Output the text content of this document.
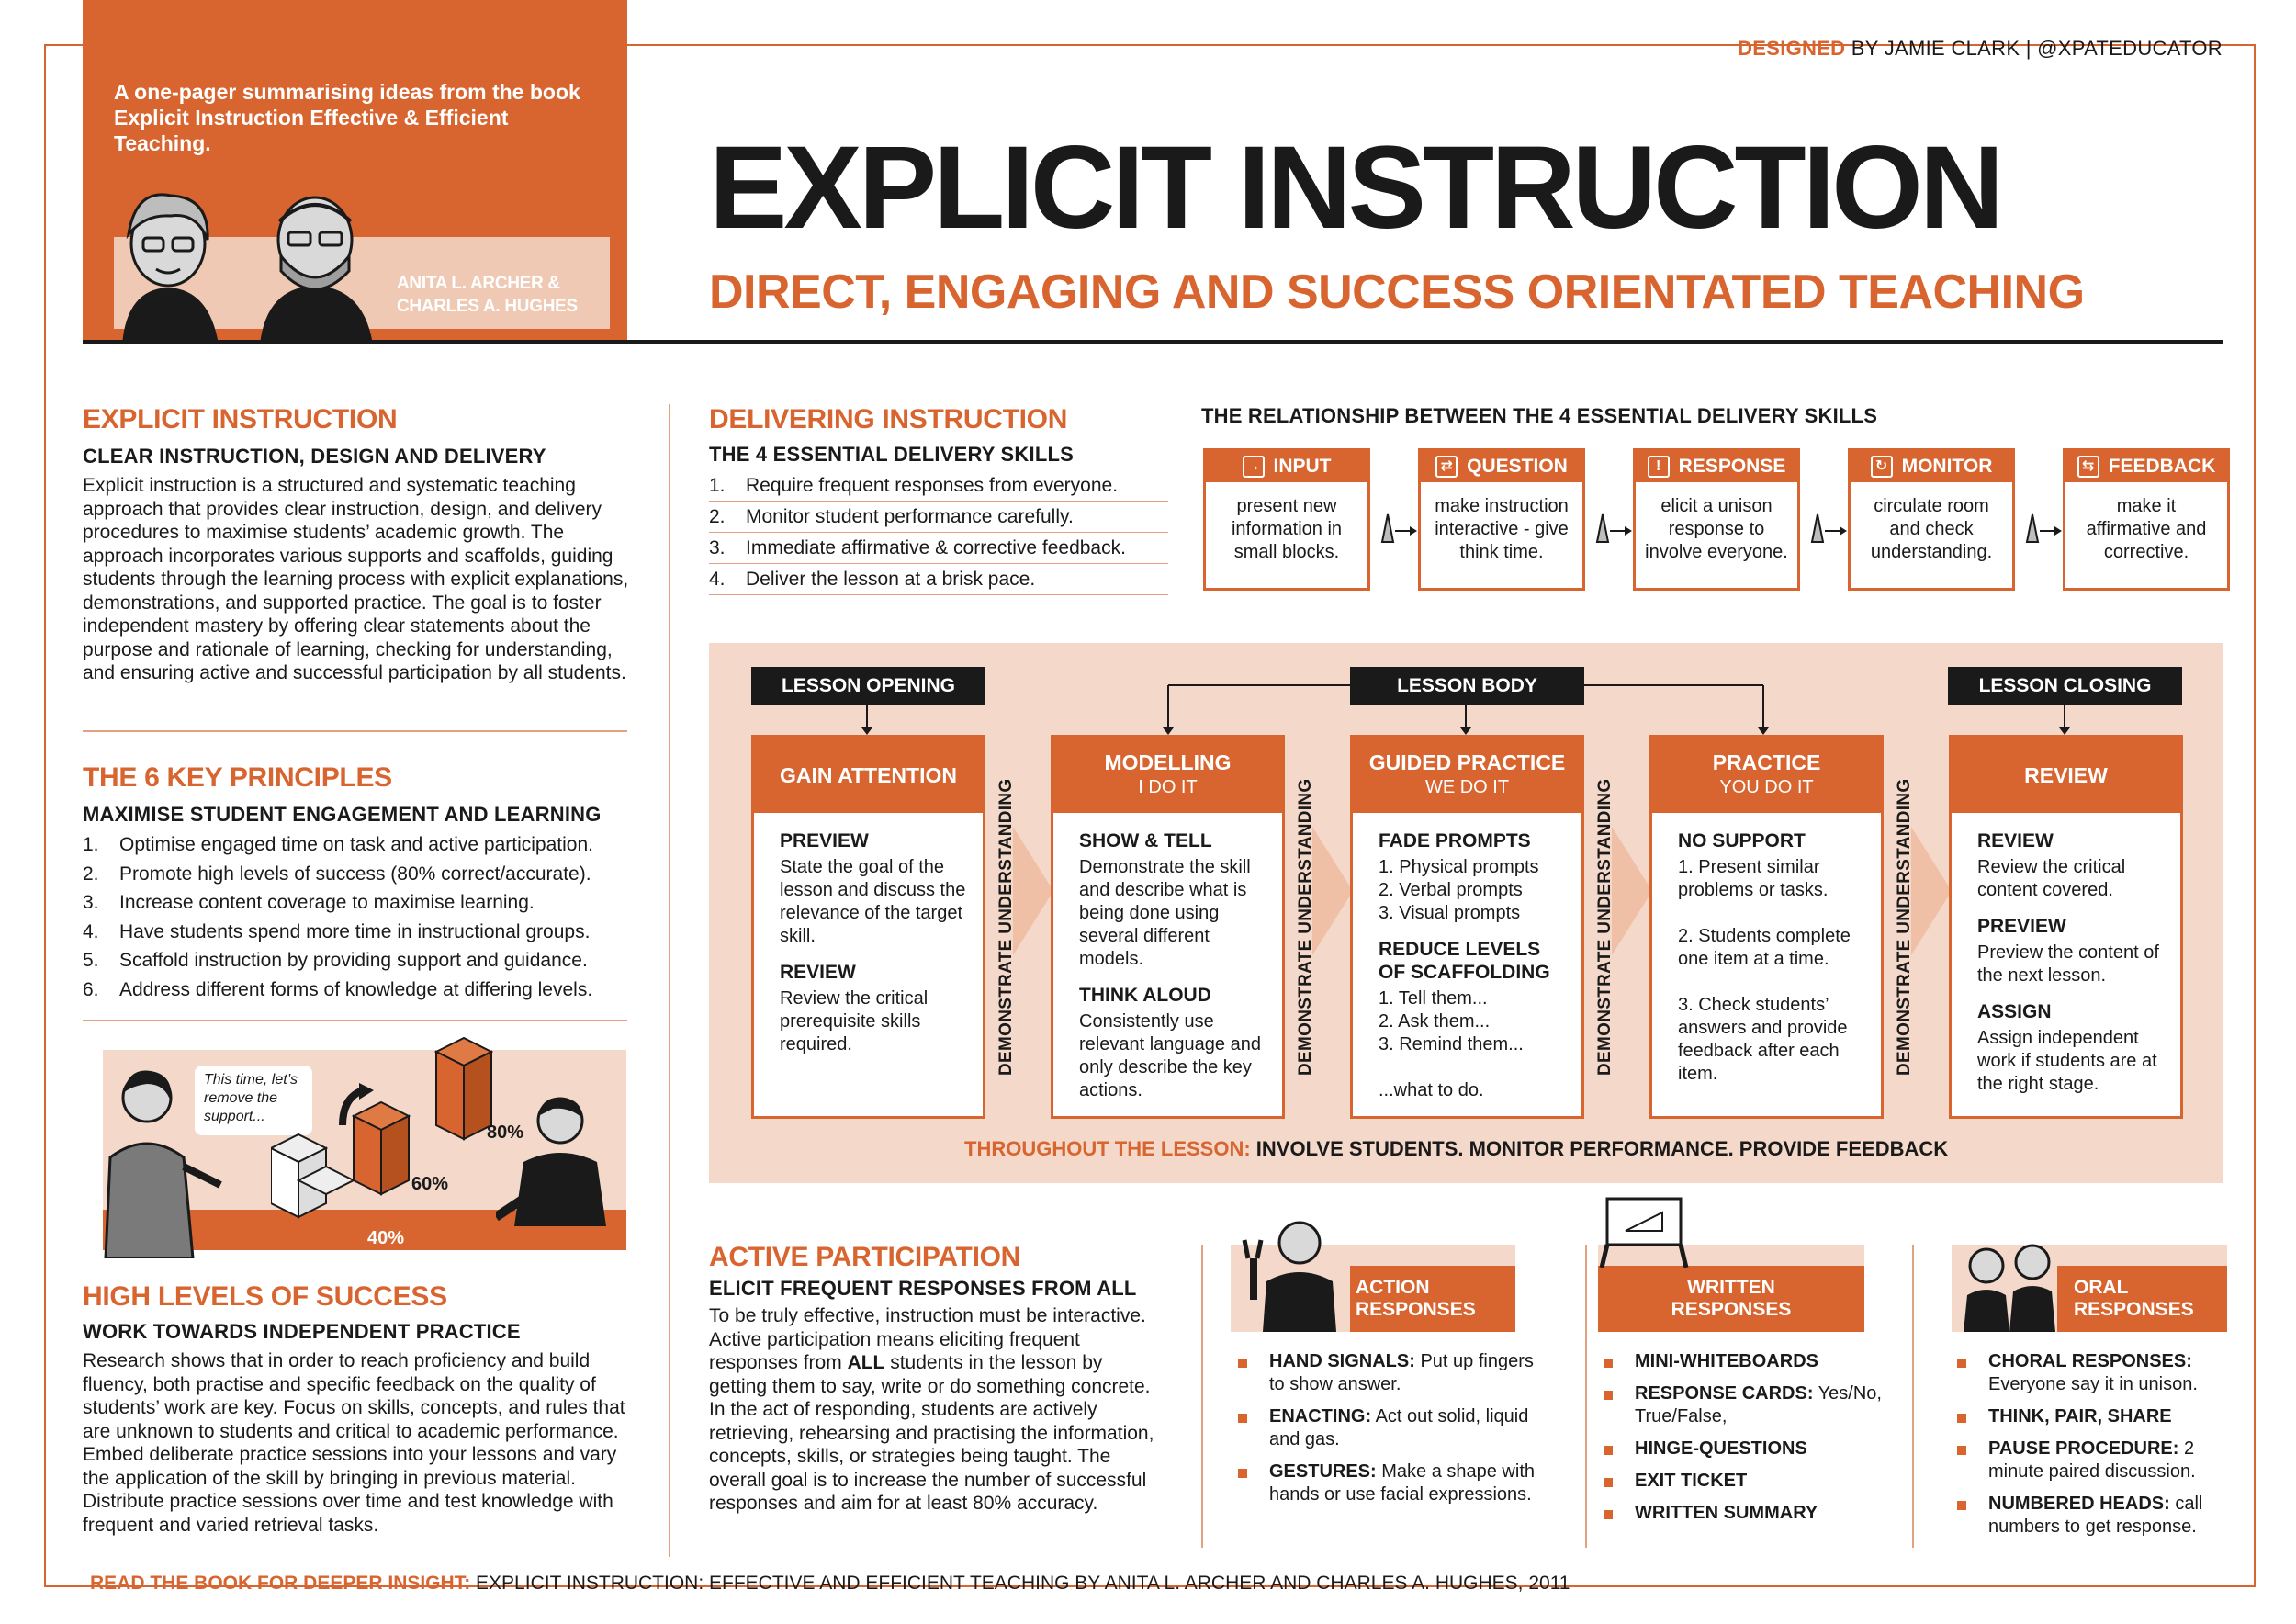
A one-pager summarising ideas from the book Explicit Instruction Effective & Efficient Teaching.
ANITA L. ARCHER &
CHARLES A. HUGHES
DESIGNED BY JAMIE CLARK | @XPATEDUCATOR
EXPLICIT INSTRUCTION
DIRECT, ENGAGING AND SUCCESS ORIENTATED TEACHING
EXPLICIT INSTRUCTION
CLEAR INSTRUCTION, DESIGN AND DELIVERY
Explicit instruction is a structured and systematic teaching approach that provides clear instruction, design, and delivery procedures to maximise students’ academic growth. The approach incorporates various supports and scaffolds, guiding students through the learning process with explicit explanations, demonstrations, and supported practice. The goal is to foster independent mastery by offering clear statements about the purpose and rationale of learning, checking for understanding, and ensuring active and successful participation by all students.
THE 6 KEY PRINCIPLES
MAXIMISE STUDENT ENGAGEMENT AND LEARNING
1.	Optimise engaged time on task and active participation.
2.	Promote high levels of success (80% correct/accurate).
3.	Increase content coverage to maximise learning.
4.	Have students spend more time in instructional groups.
5.	Scaffold instruction by providing support and guidance.
6.	Address different forms of knowledge at differing levels.
This time, let’s remove the support...
40%
60%
80%
HIGH LEVELS OF SUCCESS
WORK TOWARDS INDEPENDENT PRACTICE
Research shows that in order to reach proficiency and build fluency, both practise and specific feedback on the quality of students’ work are key. Focus on skills, concepts, and rules that are unknown to students and critical to academic performance. Embed deliberate practice sessions into your lessons and vary the application of the skill by bringing in previous material. Distribute practice sessions over time and test knowledge with frequent and varied retrieval tasks.
DELIVERING INSTRUCTION
THE 4 ESSENTIAL DELIVERY SKILLS
1.	Require frequent responses from everyone.
2.	Monitor student performance carefully.
3.	Immediate affirmative & corrective feedback.
4.	Deliver the lesson at a brisk pace.
THE RELATIONSHIP BETWEEN THE 4 ESSENTIAL DELIVERY SKILLS
→ INPUT
present new information in small blocks.
⇄ QUESTION
make instruction interactive - give think time.
! RESPONSE
elicit a unison response to involve everyone.
↻ MONITOR
circulate room and check understanding.
⇆ FEEDBACK
make it affirmative and corrective.
LESSON OPENING	LESSON BODY	LESSON CLOSING
GAIN ATTENTION
PREVIEW
State the goal of the lesson and discuss the relevance of the target skill.
REVIEW
Review the critical prerequisite skills required.	DEMONSTRATE UNDERSTANDING
MODELLING
I DO IT
SHOW & TELL
Demonstrate the skill and describe what is being done using several different models.
THINK ALOUD
Consistently use relevant language and only describe the key actions.
DEMONSTRATE UNDERSTANDING
GUIDED PRACTICE
WE DO IT
FADE PROMPTS
1. Physical prompts
2. Verbal prompts
3. Visual prompts
REDUCE LEVELS OF SCAFFOLDING
1. Tell them...
2. Ask them...
3. Remind them...

...what to do.
DEMONSTRATE UNDERSTANDING
PRACTICE
YOU DO IT
NO SUPPORT
1. Present similar problems or tasks.

2. Students complete one item at a time.

3. Check students’ answers and provide feedback after each item.	DEMONSTRATE UNDERSTANDING
REVIEW
REVIEW
Review the critical content covered.
PREVIEW
Preview the content of the next lesson.
ASSIGN
Assign independent work if students are at the right stage.
THROUGHOUT THE LESSON: INVOLVE STUDENTS. MONITOR PERFORMANCE. PROVIDE FEEDBACK
ACTIVE PARTICIPATION
ELICIT FREQUENT RESPONSES FROM ALL
To be truly effective, instruction must be interactive. Active participation means eliciting frequent responses from ALL students in the lesson by getting them to say, write or do something concrete. In the act of responding, students are actively retrieving, rehearsing and practising the information, concepts, skills, or strategies being taught. The overall goal is to increase the number of successful responses and aim for at least 80% accuracy.
ACTION
RESPONSES
HAND SIGNALS: Put up fingers to show answer.
ENACTING: Act out solid, liquid and gas.
GESTURES: Make a shape with hands or use facial expressions.
WRITTEN
RESPONSES
MINI-WHITEBOARDS
RESPONSE CARDS: Yes/No, True/False,
HINGE-QUESTIONS
EXIT TICKET
WRITTEN SUMMARY
ORAL
RESPONSES
CHORAL RESPONSES: Everyone say it in unison.
THINK, PAIR, SHARE
PAUSE PROCEDURE: 2 minute paired discussion.
NUMBERED HEADS: call numbers to get response.
READ THE BOOK FOR DEEPER INSIGHT: EXPLICIT INSTRUCTION: EFFECTIVE AND EFFICIENT TEACHING BY ANITA L. ARCHER AND CHARLES A. HUGHES, 2011
